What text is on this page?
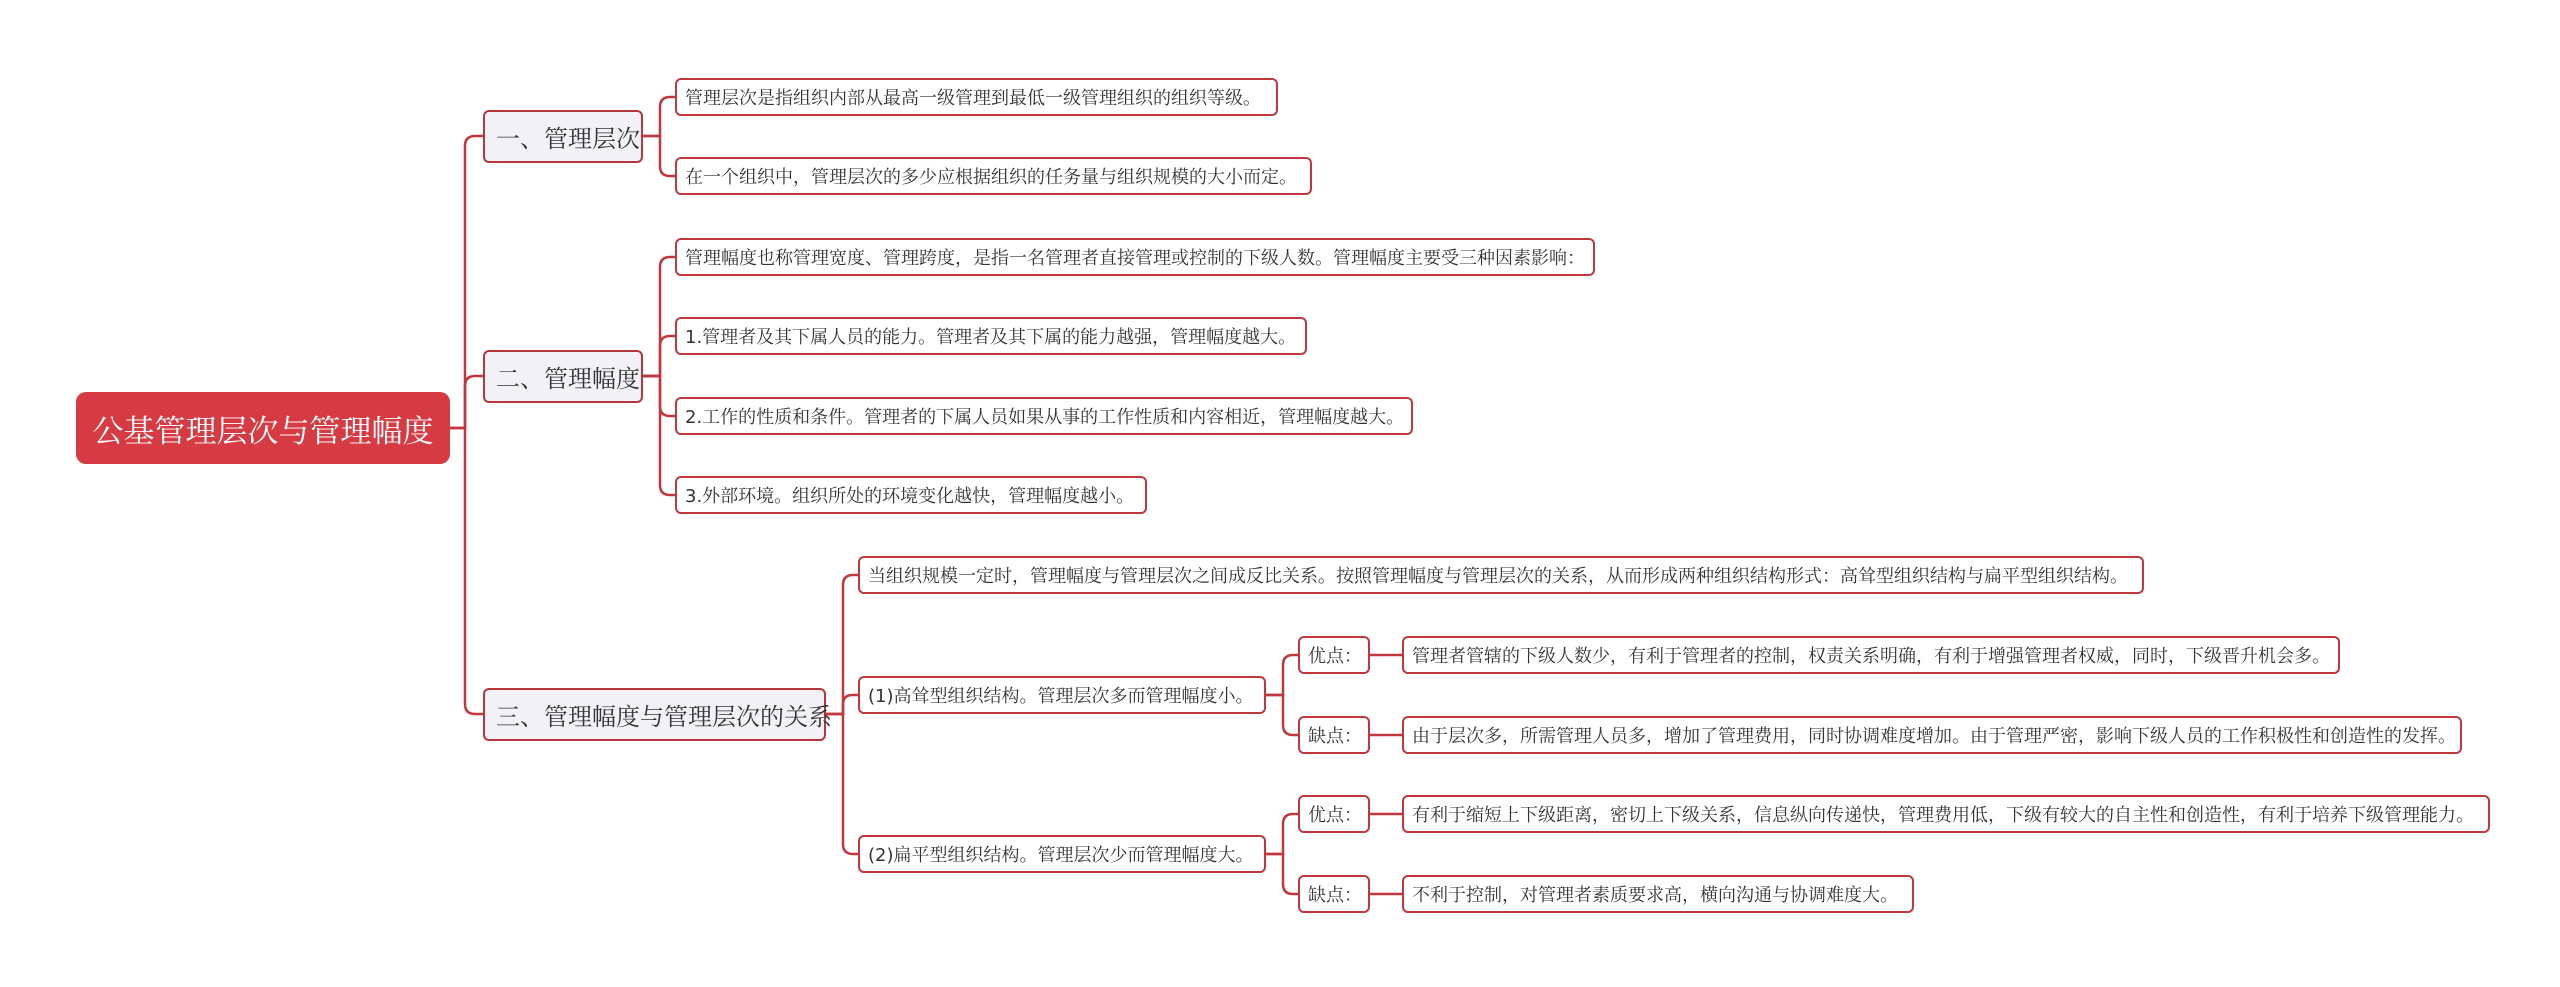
公基管理层次与管理幅度
一、管理层次
管理层次是指组织内部从最高一级管理到最低一级管理组织的组织等级。
在一个组织中，管理层次的多少应根据组织的任务量与组织规模的大小而定。
二、管理幅度
管理幅度也称管理宽度、管理跨度，是指一名管理者直接管理或控制的下级人数。管理幅度主要受三种因素影响：
1.管理者及其下属人员的能力。管理者及其下属的能力越强，管理幅度越大。
2.工作的性质和条件。管理者的下属人员如果从事的工作性质和内容相近，管理幅度越大。
3.外部环境。组织所处的环境变化越快，管理幅度越小。
三、管理幅度与管理层次的关系
当组织规模一定时，管理幅度与管理层次之间成反比关系。按照管理幅度与管理层次的关系，从而形成两种组织结构形式：高耸型组织结构与扁平型组织结构。
(1)高耸型组织结构。管理层次多而管理幅度小。
优点：	管理者管辖的下级人数少，有利于管理者的控制，权责关系明确，有利于增强管理者权威，同时，下级晋升机会多。
缺点：	由于层次多，所需管理人员多，增加了管理费用，同时协调难度增加。由于管理严密，影响下级人员的工作积极性和创造性的发挥。
(2)扁平型组织结构。管理层次少而管理幅度大。
优点：	有利于缩短上下级距离，密切上下级关系，信息纵向传递快，管理费用低，下级有较大的自主性和创造性，有利于培养下级管理能力。
缺点：	不利于控制，对管理者素质要求高，横向沟通与协调难度大。
